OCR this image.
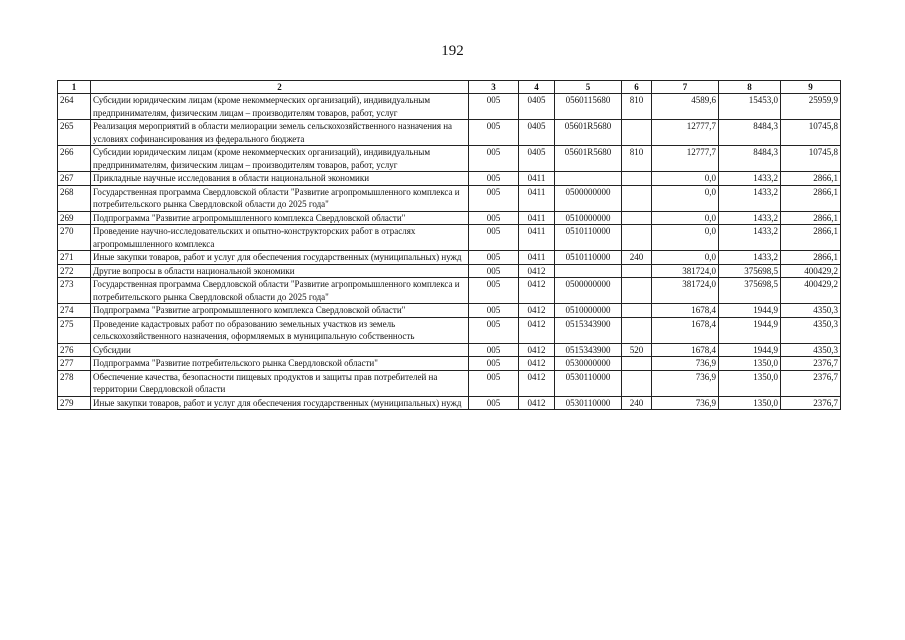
192
1	2	3	4	5	6	7	8	9
264	Субсидии юридическим лицам (кроме некоммерческих организаций), индивидуальным предпринимателям, физическим лицам – производителям товаров, работ, услуг	005	0405	0560115680	810	4589,6	15453,0	25959,9
265	Реализация мероприятий в области мелиорации земель сельскохозяйственного назначения на условиях софинансирования из федерального бюджета	005	0405	05601R5680		12777,7	8484,3	10745,8
266	Субсидии юридическим лицам (кроме некоммерческих организаций), индивидуальным предпринимателям, физическим лицам – производителям товаров, работ, услуг	005	0405	05601R5680	810	12777,7	8484,3	10745,8
267	Прикладные научные исследования в области национальной экономики	005	0411			0,0	1433,2	2866,1
268	Государственная программа Свердловской области "Развитие агропромышленного комплекса и потребительского рынка Свердловской области до 2025 года"	005	0411	0500000000		0,0	1433,2	2866,1
269	Подпрограмма "Развитие агропромышленного комплекса Свердловской области"	005	0411	0510000000		0,0	1433,2	2866,1
270	Проведение научно-исследовательских и опытно-конструкторских работ в отраслях агропромышленного комплекса	005	0411	0510110000		0,0	1433,2	2866,1
271	Иные закупки товаров, работ и услуг для обеспечения государственных (муниципальных) нужд	005	0411	0510110000	240	0,0	1433,2	2866,1
272	Другие вопросы в области национальной экономики	005	0412			381724,0	375698,5	400429,2
273	Государственная программа Свердловской области "Развитие агропромышленного комплекса и потребительского рынка Свердловской области до 2025 года"	005	0412	0500000000		381724,0	375698,5	400429,2
274	Подпрограмма "Развитие агропромышленного комплекса Свердловской области"	005	0412	0510000000		1678,4	1944,9	4350,3
275	Проведение кадастровых работ по образованию земельных участков из земель сельскохозяйственного назначения, оформляемых в муниципальную собственность	005	0412	0515343900		1678,4	1944,9	4350,3
276	Субсидии	005	0412	0515343900	520	1678,4	1944,9	4350,3
277	Подпрограмма "Развитие потребительского рынка Свердловской области"	005	0412	0530000000		736,9	1350,0	2376,7
278	Обеспечение качества, безопасности пищевых продуктов и защиты прав потребителей на территории Свердловской области	005	0412	0530110000		736,9	1350,0	2376,7
279	Иные закупки товаров, работ и услуг для обеспечения государственных (муниципальных) нужд	005	0412	0530110000	240	736,9	1350,0	2376,7
